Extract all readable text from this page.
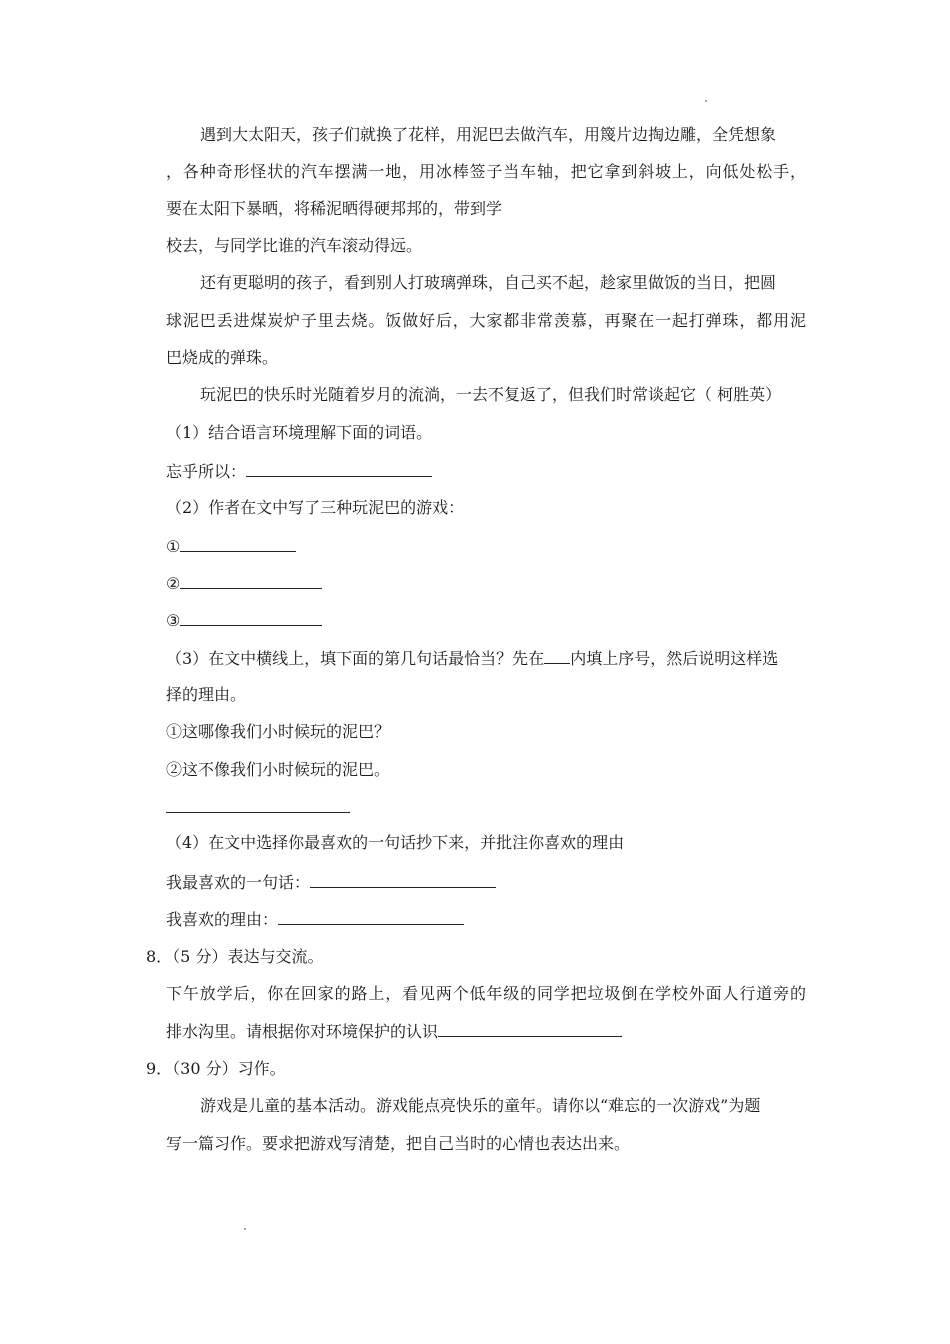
遇到大太阳天，孩子们就换了花样，用泥巴去做汽车，用篾片边掏边雕，全凭想象
，各种奇形怪状的汽车摆满一地，用冰棒签子当车轴，把它拿到斜坡上，向低处松手，
要在太阳下暴晒，将稀泥晒得硬邦邦的，带到学
校去，与同学比谁的汽车滚动得远。
还有更聪明的孩子，看到别人打玻璃弹珠，自己买不起，趁家里做饭的当日，把圆
球泥巴丢进煤炭炉子里去烧。饭做好后，大家都非常羡慕，再聚在一起打弹珠，都用泥
巴烧成的弹珠。
玩泥巴的快乐时光随着岁月的流淌，一去不复返了，但我们时常谈起它（ 柯胜英）
（1）结合语言环境理解下面的词语。
忘乎所以：
（2）作者在文中写了三种玩泥巴的游戏：
①
②
③
（3）在文中横线上，填下面的第几句话最恰当？先在 内填上序号，然后说明这样选
择的理由。
①这哪像我们小时候玩的泥巴？
②这不像我们小时候玩的泥巴。
（4）在文中选择你最喜欢的一句话抄下来，并批注你喜欢的理由
我最喜欢的一句话：
我喜欢的理由：
8．（5 分）表达与交流。
下午放学后，你在回家的路上，看见两个低年级的同学把垃圾倒在学校外面人行道旁的
排水沟里。请根据你对环境保护的认识
9．（30 分）习作。
游戏是儿童的基本活动。游戏能点亮快乐的童年。请你以“难忘的一次游戏”为题
写一篇习作。要求把游戏写清楚，把自己当时的心情也表达出来。
